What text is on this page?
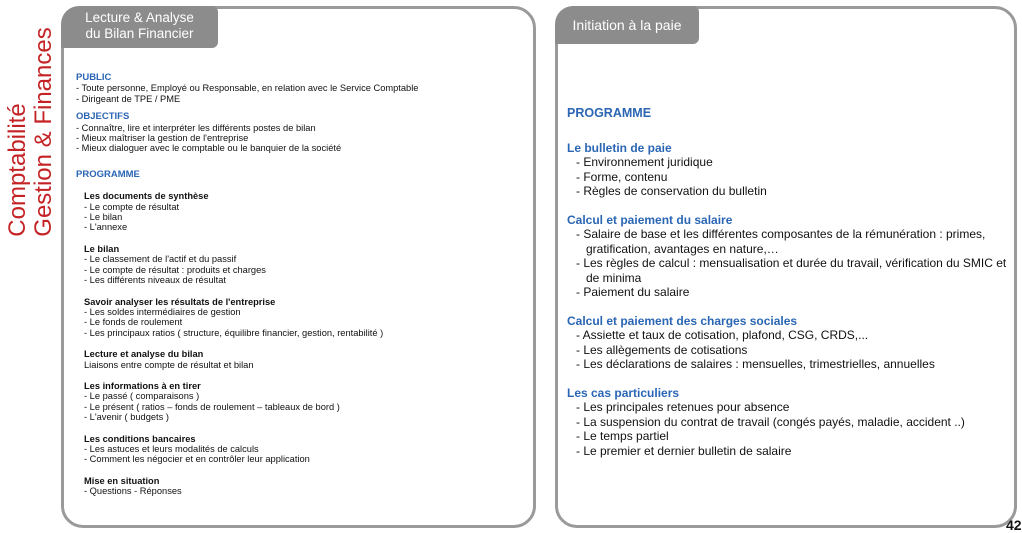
Comptabilité Gestion & Finances
Lecture & Analyse
du Bilan Financier
PUBLIC
- Toute personne, Employé ou Responsable, en relation avec le Service Comptable
- Dirigeant de TPE / PME
OBJECTIFS
- Connaître, lire et interpréter les différents postes de bilan
- Mieux maîtriser la gestion de l'entreprise
- Mieux dialoguer avec le comptable ou le banquier de la société
PROGRAMME
Les documents de synthèse
- Le compte de résultat
- Le bilan
- L'annexe
Le bilan
- Le classement de l'actif et du passif
- Le compte de résultat : produits et charges
- Les différents niveaux de résultat
Savoir analyser les résultats de l'entreprise
- Les soldes intermédiaires de gestion
- Le fonds de roulement
- Les principaux ratios ( structure, équilibre financier, gestion, rentabilité )
Lecture et analyse du bilan
Liaisons entre compte de résultat et bilan
Les informations à en tirer
- Le passé ( comparaisons )
- Le présent ( ratios – fonds de roulement – tableaux de bord )
- L'avenir ( budgets )
Les conditions bancaires
- Les astuces et leurs modalités de calculs
- Comment les négocier et en contrôler leur application
Mise en situation
- Questions - Réponses
Initiation à la paie
PROGRAMME
Le bulletin de paie
- Environnement juridique
- Forme, contenu
- Règles de conservation du bulletin
Calcul et paiement du salaire
- Salaire de base et les différentes composantes de la rémunération : primes, gratification, avantages en nature,…
- Les règles de calcul : mensualisation et durée du travail, vérification du SMIC et de minima
- Paiement du salaire
Calcul et paiement des charges sociales
- Assiette et taux de cotisation, plafond, CSG, CRDS,...
- Les allègements de cotisations
- Les déclarations de salaires : mensuelles, trimestrielles, annuelles
Les cas particuliers
- Les principales retenues pour absence
- La suspension du contrat de travail (congés payés, maladie, accident ..)
- Le temps partiel
- Le premier et dernier bulletin de salaire
42
